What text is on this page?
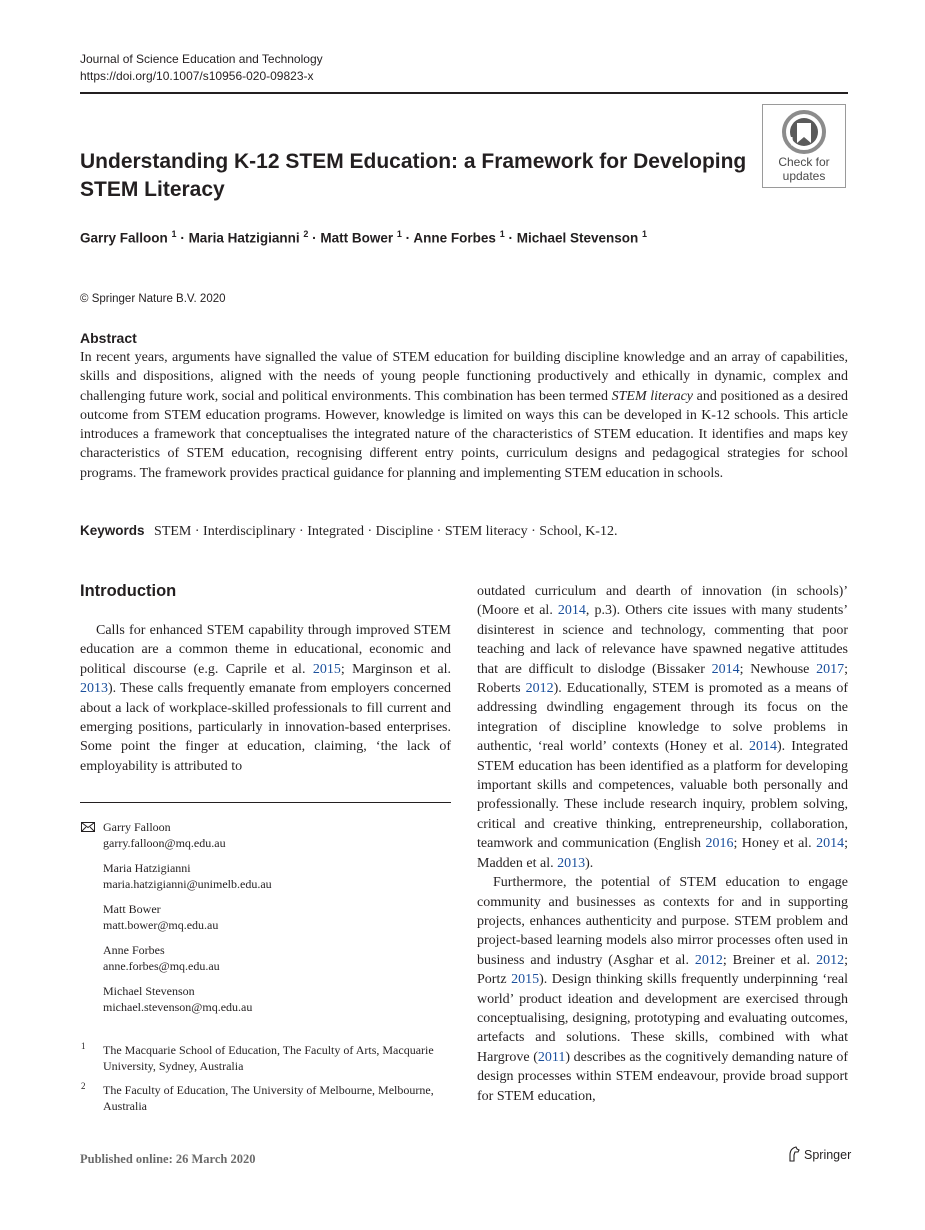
Journal of Science Education and Technology
https://doi.org/10.1007/s10956-020-09823-x
Check for
updates
Understanding K-12 STEM Education: a Framework for Developing STEM Literacy
Garry Falloon $^1$ · Maria Hatzigianni $^2$ · Matt Bower $^1$ · Anne Forbes $^1$ · Michael Stevenson $^1$
© Springer Nature B.V. 2020
Abstract
In recent years, arguments have signalled the value of STEM education for building discipline knowledge and an array of capabilities, skills and dispositions, aligned with the needs of young people functioning productively and ethically in dynamic, complex and challenging future work, social and political environments. This combination has been termed STEM literacy and positioned as a desired outcome from STEM education programs. However, knowledge is limited on ways this can be developed in K-12 schools. This article introduces a framework that conceptualises the integrated nature of the characteristics of STEM education. It identifies and maps key characteristics of STEM education, recognising different entry points, curriculum designs and pedagogical strategies for school programs. The framework provides practical guidance for planning and implementing STEM education in schools.
Keywords STEM · Interdisciplinary · Integrated · Discipline · STEM literacy · School, K-12.
Introduction

Calls for enhanced STEM capability through improved STEM education are a common theme in educational, economic and political discourse (e.g. Caprile et al. 2015; Marginson et al. 2013). These calls frequently emanate from employers concerned about a lack of workplace-skilled professionals to fill current and emerging positions, particularly in innovation-based enterprises. Some point the finger at education, claiming, ‘the lack of employability is attributed to

outdated curriculum and dearth of innovation (in schools)’ (Moore et al. 2014, p.3). Others cite issues with many students’ disinterest in science and technology, commenting that poor teaching and lack of relevance have spawned negative attitudes that are difficult to dislodge (Bissaker 2014; Newhouse 2017; Roberts 2012). Educationally, STEM is promoted as a means of addressing dwindling engagement through its focus on the integration of discipline knowledge to solve problems in authentic, ‘real world’ contexts (Honey et al. 2014). Integrated STEM education has been identified as a platform for developing important skills and competences, valuable both personally and professionally. These include research inquiry, problem solving, critical and creative thinking, entrepreneurship, collaboration, teamwork and communication (English 2016; Honey et al. 2014; Madden et al. 2013).

Furthermore, the potential of STEM education to engage community and businesses as contexts for and in supporting projects, enhances authenticity and purpose. STEM problem and project-based learning models also mirror processes often used in business and industry (Asghar et al. 2012; Breiner et al. 2012; Portz 2015). Design thinking skills frequently underpinning ‘real world’ product ideation and development are exercised through conceptualising, designing, prototyping and evaluating outcomes, artefacts and solutions. These skills, combined with what Hargrove (2011) describes as the cognitively demanding nature of design processes within STEM endeavour, provide broad support for STEM education,

Garry Falloon
garry.falloon@mq.edu.au
Maria Hatzigianni
maria.hatzigianni@unimelb.edu.au
Matt Bower
matt.bower@mq.edu.au
Anne Forbes
anne.forbes@mq.edu.au
Michael Stevenson
michael.stevenson@mq.edu.au
1 The Macquarie School of Education, The Faculty of Arts, Macquarie University, Sydney, Australia
2 The Faculty of Education, The University of Melbourne, Melbourne, Australia
Published online: 26 March 2020	Springer
